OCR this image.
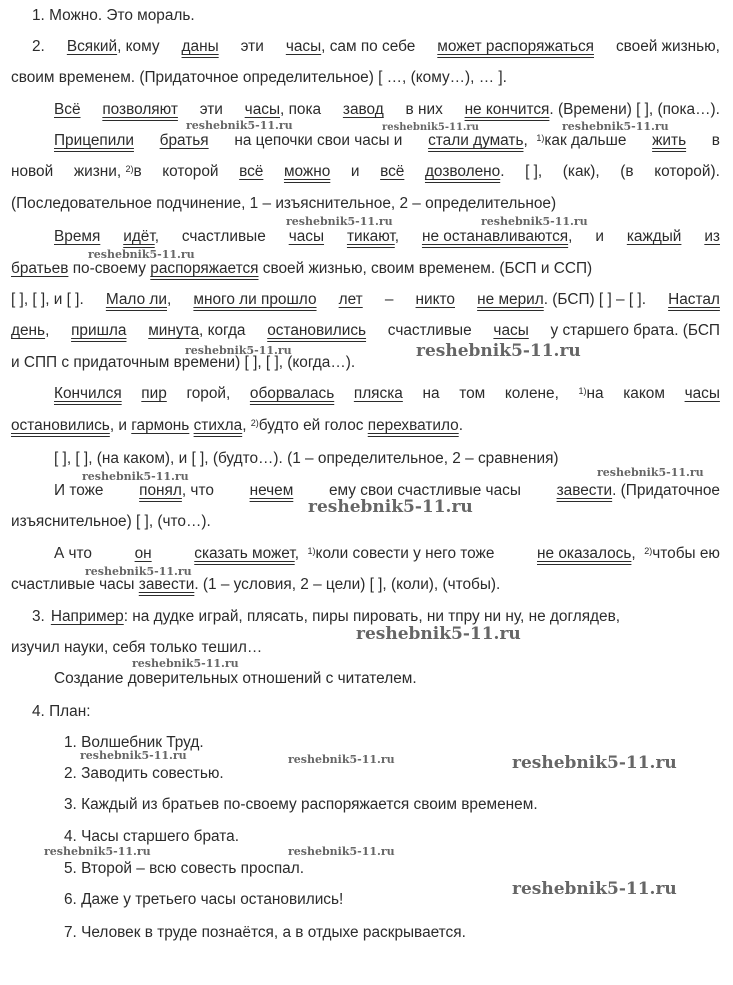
1. Можно. Это мораль.
2. Всякий, кому даны эти часы, сам по себе может распоряжаться своей жизнью,
своим временем. (Придаточное определительное) [ …, (кому…), … ].
Всё позволяют эти часы, пока завод в них не кончится. (Времени) [ ], (пока…).
Прицепили братья на цепочки свои часы и стали думать, $^{1)}$как дальше жить в
новой жизни, $^{2)}$в которой всё можно и всё дозволено. [ ], (как), (в которой).
(Последовательное подчинение, 1 – изъяснительное, 2 – определительное)
Время идёт, счастливые часы тикают, не останавливаются, и каждый из
братьев по-своему распоряжается своей жизнью, своим временем. (БСП и ССП)
[ ], [ ], и [ ]. Мало ли, много ли прошло лет – никто не мерил. (БСП) [ ] – [ ]. Настал
день, пришла минута, когда остановились счастливые часы у старшего брата. (БСП
и СПП с придаточным времени) [ ], [ ], (когда…).
Кончился пир горой, оборвалась пляска на том колене, $^{1)}$на каком часы
остановились, и гармонь стихла, $^{2)}$будто ей голос перехватило.
[ ], [ ], (на каком), и [ ], (будто…). (1 – определительное, 2 – сравнения)
И тоже понял, что нечем ему свои счастливые часы завести. (Придаточное
изъяснительное) [ ], (что…).
А что	он	сказать может, $^{1)}$коли совести у него тоже	не оказалось, $^{2)}$чтобы ею
счастливые часы завести. (1 – условия, 2 – цели) [ ], (коли), (чтобы).
3. Например: на дудке играй, плясать, пиры пировать, ни тпру ни ну, не доглядев,
изучил науки, себя только тешил…
Создание доверительных отношений с читателем.
4. План:
1. Волшебник Труд.
2. Заводить совестью.
3. Каждый из братьев по-своему распоряжается своим временем.
4. Часы старшего брата.
5. Второй – всю совесть проспал.
6. Даже у третьего часы остановились!
7. Человек в труде познаётся, а в отдыхе раскрывается.
reshebnik5-11.ru	reshebnik5-11.ru	reshebnik5-11.ru
reshebnik5-11.ru	reshebnik5-11.ru
reshebnik5-11.ru
reshebnik5-11.ru	reshebnik5-11.ru
reshebnik5-11.ru
reshebnik5-11.ru
reshebnik5-11.ru
reshebnik5-11.ru
reshebnik5-11.ru
reshebnik5-11.ru
reshebnik5-11.ru	reshebnik5-11.ru	reshebnik5-11.ru
reshebnik5-11.ru	reshebnik5-11.ru
reshebnik5-11.ru
